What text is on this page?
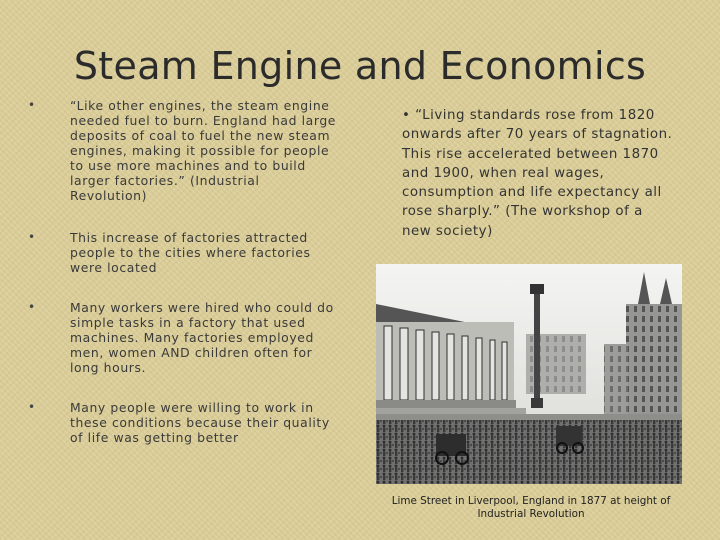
Steam Engine and Economics
•	“Like other engines, the steam engine
needed fuel to burn. England had large
deposits of coal to fuel the new steam
engines, making it possible for people
to use more machines and to build
larger factories.” (Industrial
Revolution)
•	This increase of factories attracted
people to the cities where factories
were located
•	Many workers were hired who could do
simple tasks in a factory that used
machines. Many factories employed
men, women AND children often for
long hours.
•	Many people were willing to work in
these conditions because their quality
of life was getting better
• “Living standards rose from 1820
onwards after 70 years of stagnation.
This rise accelerated between 1870
and 1900, when real wages,
consumption and life expectancy all
rose sharply.” (The workshop of a
new society)
Lime Street in Liverpool, England in 1877 at height of
Industrial Revolution
